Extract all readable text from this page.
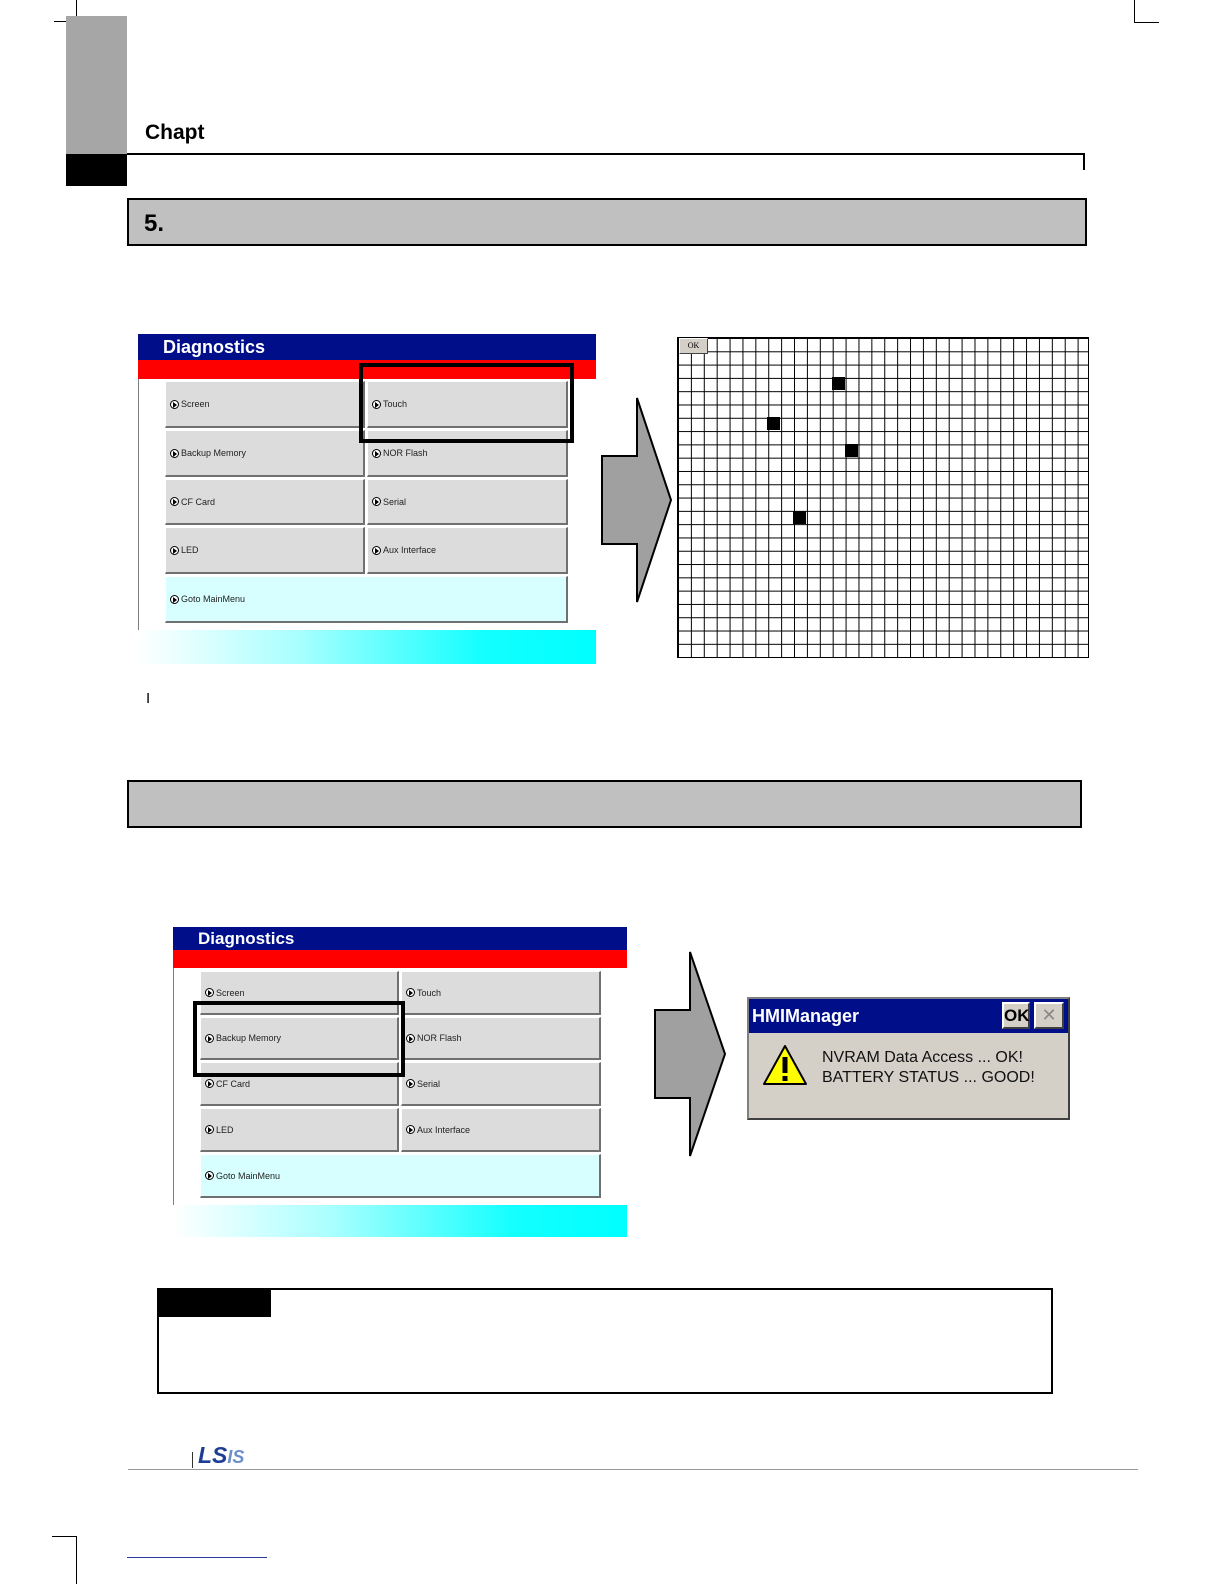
Chapt
5.
Diagnostics
Screen	Touch
Backup Memory	NOR Flash
CF Card	Serial
LED	Aux Interface
Goto MainMenu
OK
I
Diagnostics
Screen	Touch
Backup Memory	NOR Flash
CF Card	Serial
LED	Aux Interface
Goto MainMenu
HMIManager	OK ✕
NVRAM Data Access ... OK!
BATTERY STATUS ... GOOD!
LSIS
